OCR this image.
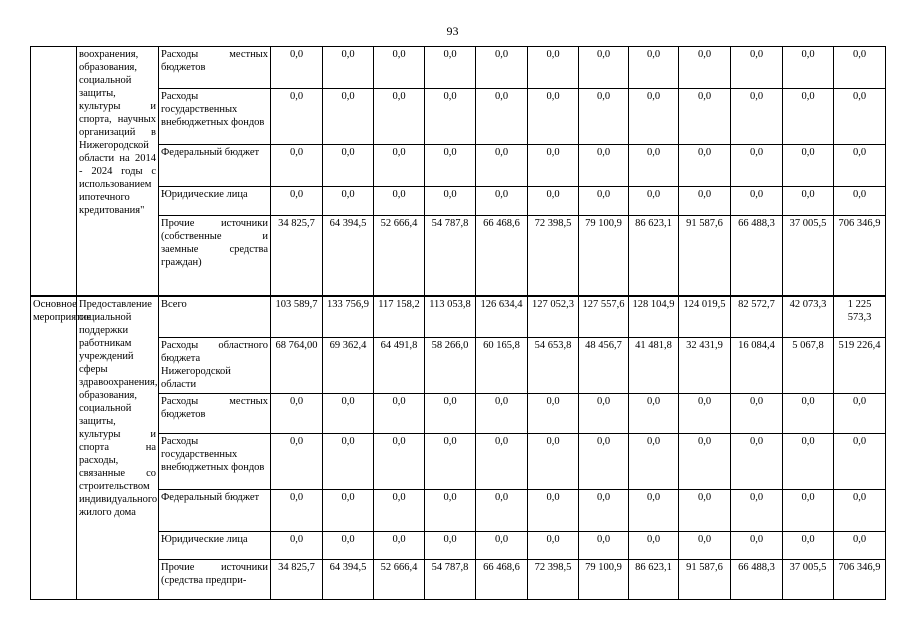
93
	воохранения, образования, социальной защиты, культуры и спорта, научных организаций в Нижегородской области на 2014 - 2024 годы с использованием ипотечного кредитования"	Расходы местных бюджетов	0,0	0,0	0,0	0,0	0,0	0,0	0,0	0,0	0,0	0,0	0,0	0,0
		Расходы государственных внебюджетных фондов	0,0	0,0	0,0	0,0	0,0	0,0	0,0	0,0	0,0	0,0	0,0	0,0
		Федеральный бюджет	0,0	0,0	0,0	0,0	0,0	0,0	0,0	0,0	0,0	0,0	0,0	0,0
		Юридические лица	0,0	0,0	0,0	0,0	0,0	0,0	0,0	0,0	0,0	0,0	0,0	0,0
		Прочие источники (собственные и заемные средства граждан)	34 825,7	64 394,5	52 666,4	54 787,8	66 468,6	72 398,5	79 100,9	86 623,1	91 587,6	66 488,3	37 005,5	706 346,9
Основное мероприятие	Предоставление социальной поддержки работникам учреждений сферы здравоохранения, образования, социальной защиты, культуры и спорта на расходы, связанные со строительством индивидуального жилого дома	Всего	103 589,7	133 756,9	117 158,2	113 053,8	126 634,4	127 052,3	127 557,6	128 104,9	124 019,5	82 572,7	42 073,3	1 225 573,3
		Расходы областного бюджета Нижегородской области	68 764,00	69 362,4	64 491,8	58 266,0	60 165,8	54 653,8	48 456,7	41 481,8	32 431,9	16 084,4	5 067,8	519 226,4
		Расходы местных бюджетов	0,0	0,0	0,0	0,0	0,0	0,0	0,0	0,0	0,0	0,0	0,0	0,0
		Расходы государственных внебюджетных фондов	0,0	0,0	0,0	0,0	0,0	0,0	0,0	0,0	0,0	0,0	0,0	0,0
		Федеральный бюджет	0,0	0,0	0,0	0,0	0,0	0,0	0,0	0,0	0,0	0,0	0,0	0,0
		Юридические лица	0,0	0,0	0,0	0,0	0,0	0,0	0,0	0,0	0,0	0,0	0,0	0,0
		Прочие источники (средства предпри-	34 825,7	64 394,5	52 666,4	54 787,8	66 468,6	72 398,5	79 100,9	86 623,1	91 587,6	66 488,3	37 005,5	706 346,9
